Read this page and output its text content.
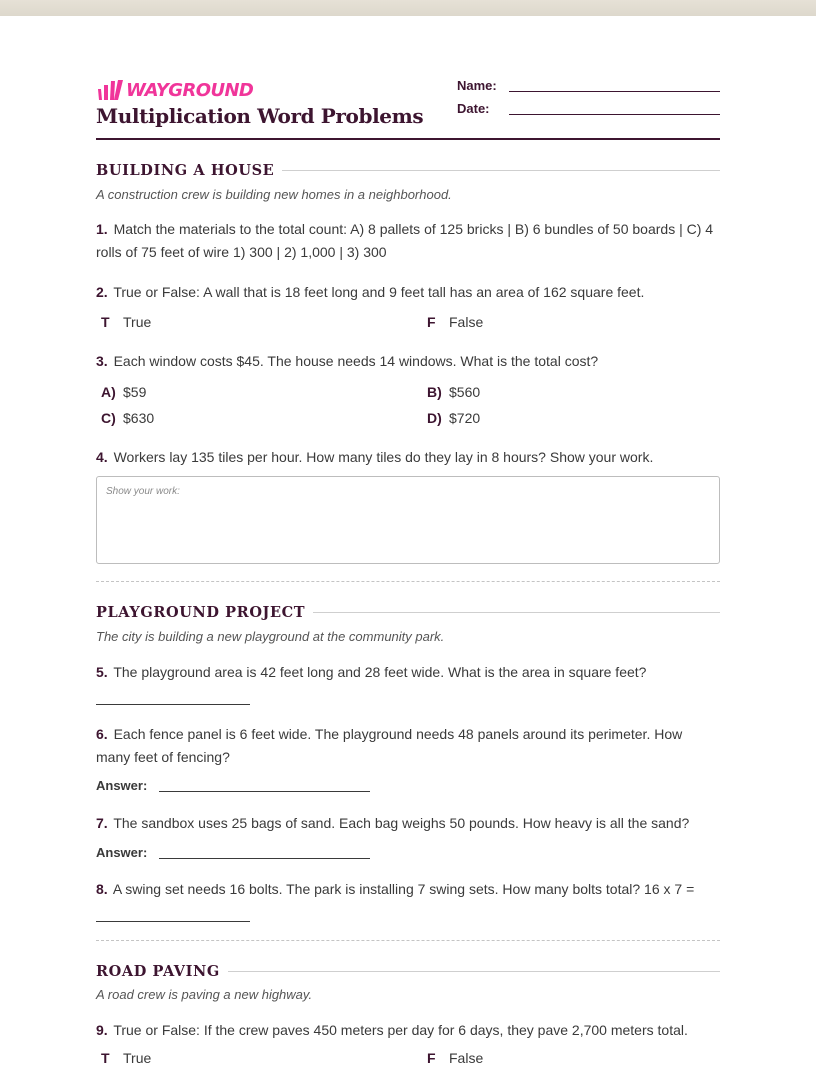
WAYGROUND
Multiplication Word Problems
Name:
Date:
BUILDING A HOUSE
A construction crew is building new homes in a neighborhood.
1. Match the materials to the total count: A) 8 pallets of 125 bricks | B) 6 bundles of 50 boards | C) 4 rolls of 75 feet of wire 1) 300 | 2) 1,000 | 3) 300
2. True or False: A wall that is 18 feet long and 9 feet tall has an area of 162 square feet.
T True	F False
3. Each window costs $45. The house needs 14 windows. What is the total cost?
A) $59	B) $560
C) $630	D) $720
4. Workers lay 135 tiles per hour. How many tiles do they lay in 8 hours? Show your work.
Show your work:
PLAYGROUND PROJECT
The city is building a new playground at the community park.
5. The playground area is 42 feet long and 28 feet wide. What is the area in square feet?
6. Each fence panel is 6 feet wide. The playground needs 48 panels around its perimeter. How many feet of fencing?
Answer:
7. The sandbox uses 25 bags of sand. Each bag weighs 50 pounds. How heavy is all the sand?
Answer:
8. A swing set needs 16 bolts. The park is installing 7 swing sets. How many bolts total? 16 x 7 =
ROAD PAVING
A road crew is paving a new highway.
9. True or False: If the crew paves 450 meters per day for 6 days, they pave 2,700 meters total.
T True	F False
